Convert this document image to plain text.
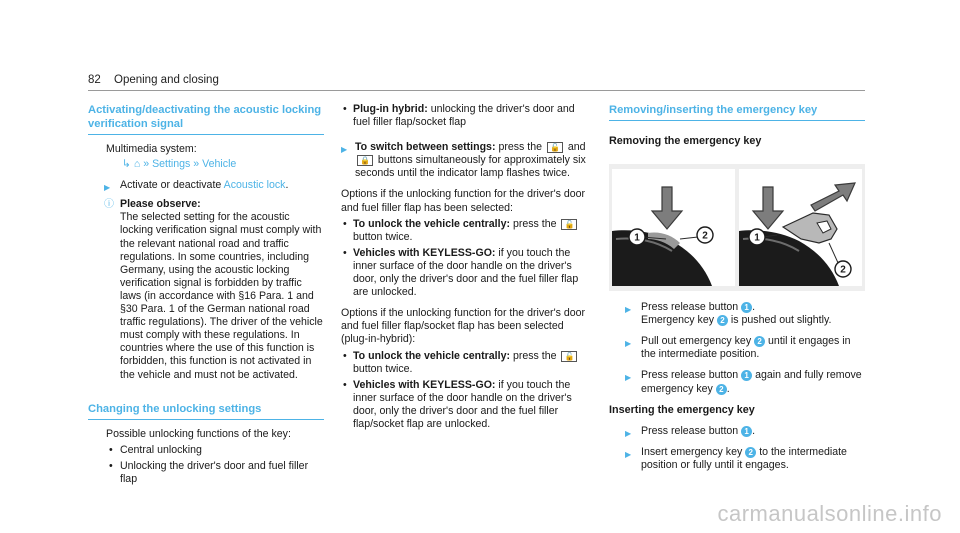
82 Opening and closing
Activating/deactivating the acoustic locking verification signal
Multimedia system:
↳ ⌂ » Settings » Vehicle
▶ Activate or deactivate Acoustic lock.
ⓘ Please observe:
The selected setting for the acoustic locking verification signal must comply with the relevant national road and traffic regulations. In some countries, including Germany, using the acoustic locking verification signal is forbidden by traffic laws (in accordance with §16 Para. 1 and §30 Para. 1 of the German national road traffic regulations). The driver of the vehicle must comply with these regulations. In countries where the use of this function is forbidden, this function is not activated in the vehicle and must not be activated.
Changing the unlocking settings
Possible unlocking functions of the key:
• Central unlocking
• Unlocking the driver's door and fuel filler flap
• Plug-in hybrid: unlocking the driver's door and fuel filler flap/socket flap
▶ To switch between settings: press the 🔓 and 🔒 buttons simultaneously for approximately six seconds until the indicator lamp flashes twice.
Options if the unlocking function for the driver's door and fuel filler flap has been selected:
• To unlock the vehicle centrally: press the 🔓 button twice.
• Vehicles with KEYLESS-GO: if you touch the inner surface of the door handle on the driver's door, only the driver's door and the fuel filler flap are unlocked.
Options if the unlocking function for the driver's door and fuel filler flap/socket flap has been selected (plug-in-hybrid):
• To unlock the vehicle centrally: press the 🔓 button twice.
• Vehicles with KEYLESS-GO: if you touch the inner surface of the door handle on the driver's door, only the driver's door and the fuel filler flap/socket flap are unlocked.
Removing/inserting the emergency key
Removing the emergency key
1	2	1
2
▶ Press release button 1 .
Emergency key 2 is pushed out slightly.
▶ Pull out emergency key 2 until it engages in the intermediate position.
▶ Press release button 1 again and fully remove emergency key 2 .
Inserting the emergency key
▶ Press release button 1 .
▶ Insert emergency key 2 to the intermediate position or fully until it engages.
carmanualsonline.info
